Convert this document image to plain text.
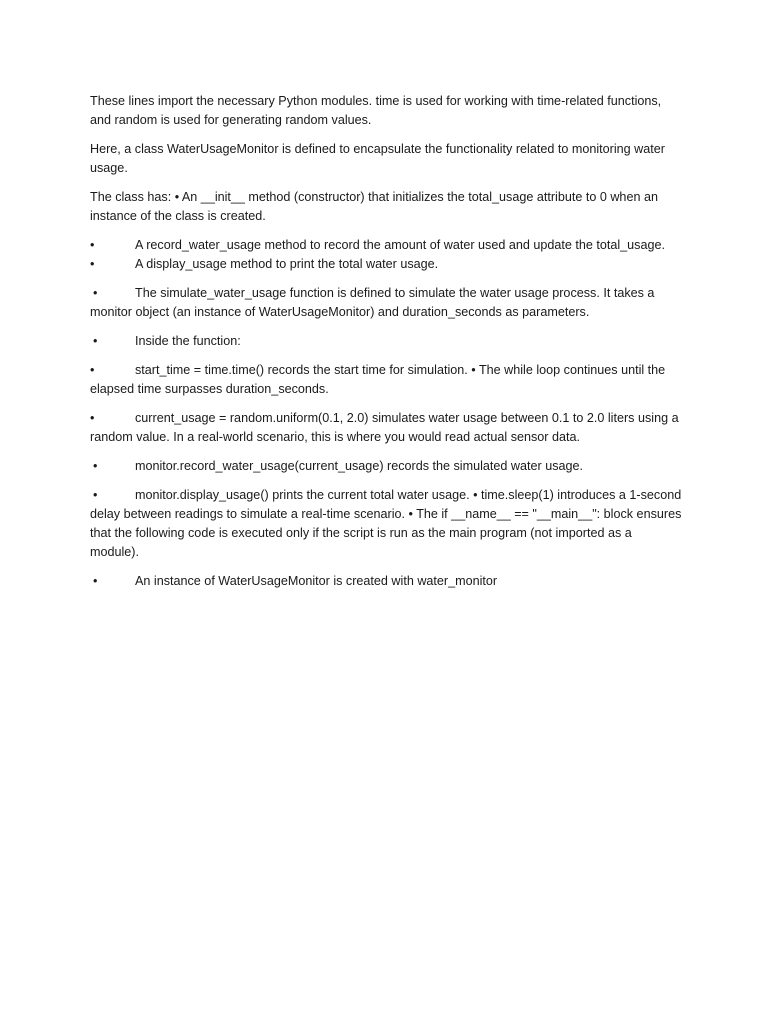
These lines import the necessary Python modules. time is used for working with time-related functions, and random is used for generating random values.

Here, a class WaterUsageMonitor is defined to encapsulate the functionality related to monitoring water usage.

The class has: • An __init__ method (constructor) that initializes the total_usage attribute to 0 when an instance of the class is created.

•	A record_water_usage method to record the amount of water used and update the total_usage.

•	A display_usage method to print the total water usage.

•	The simulate_water_usage function is defined to simulate the water usage process. It takes a monitor object (an instance of WaterUsageMonitor) and duration_seconds as parameters.

•	Inside the function:

•	start_time = time.time() records the start time for simulation. • The while loop continues until the elapsed time surpasses duration_seconds.

•	current_usage = random.uniform(0.1, 2.0) simulates water usage between 0.1 to 2.0 liters using a random value. In a real-world scenario, this is where you would read actual sensor data.

•	monitor.record_water_usage(current_usage) records the simulated water usage.

•	monitor.display_usage() prints the current total water usage. • time.sleep(1) introduces a 1-second delay between readings to simulate a real-time scenario. • The if __name__ == "__main__": block ensures that the following code is executed only if the script is run as the main program (not imported as a module).

•	An instance of WaterUsageMonitor is created with water_monitor
